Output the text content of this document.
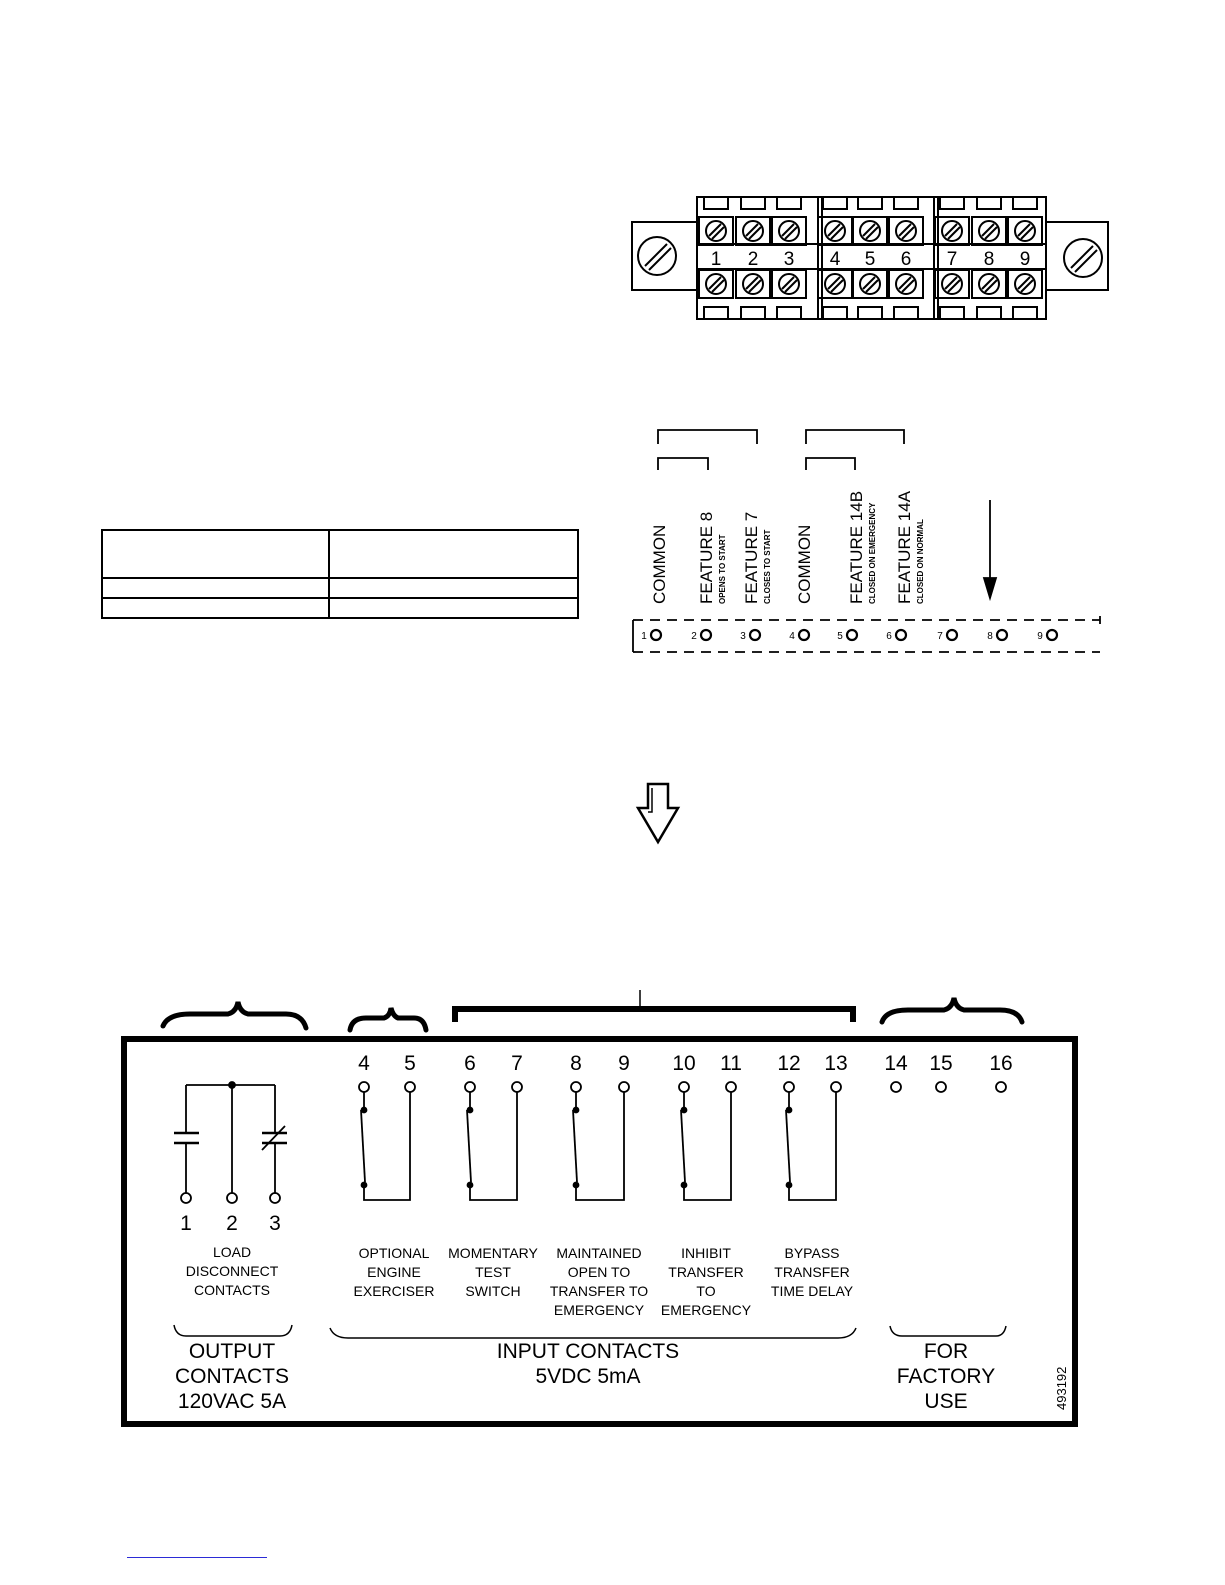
1 2 3 4 5 6 7 8 9
COMMON FEATURE 8 OPENS TO START FEATURE 7 CLOSES TO START COMMON FEATURE 14B CLOSED ON EMERGENCY FEATURE 14A CLOSED ON NORMAL
1	2	3	4	5	6	7	8	9
1 2 3
LOAD
DISCONNECT
CONTACTS
4 5
OPTIONAL
ENGINE
EXERCISER
6 7
MOMENTARY
TEST
SWITCH
8 9
MAINTAINED
OPEN TO
TRANSFER TO
EMERGENCY
10 11
INHIBIT
TRANSFER
TO
EMERGENCY
12 13
BYPASS
TRANSFER
TIME DELAY
14 15 16
OUTPUT
CONTACTS
120VAC 5A
INPUT CONTACTS
5VDC 5mA
FOR
FACTORY
USE	493192
